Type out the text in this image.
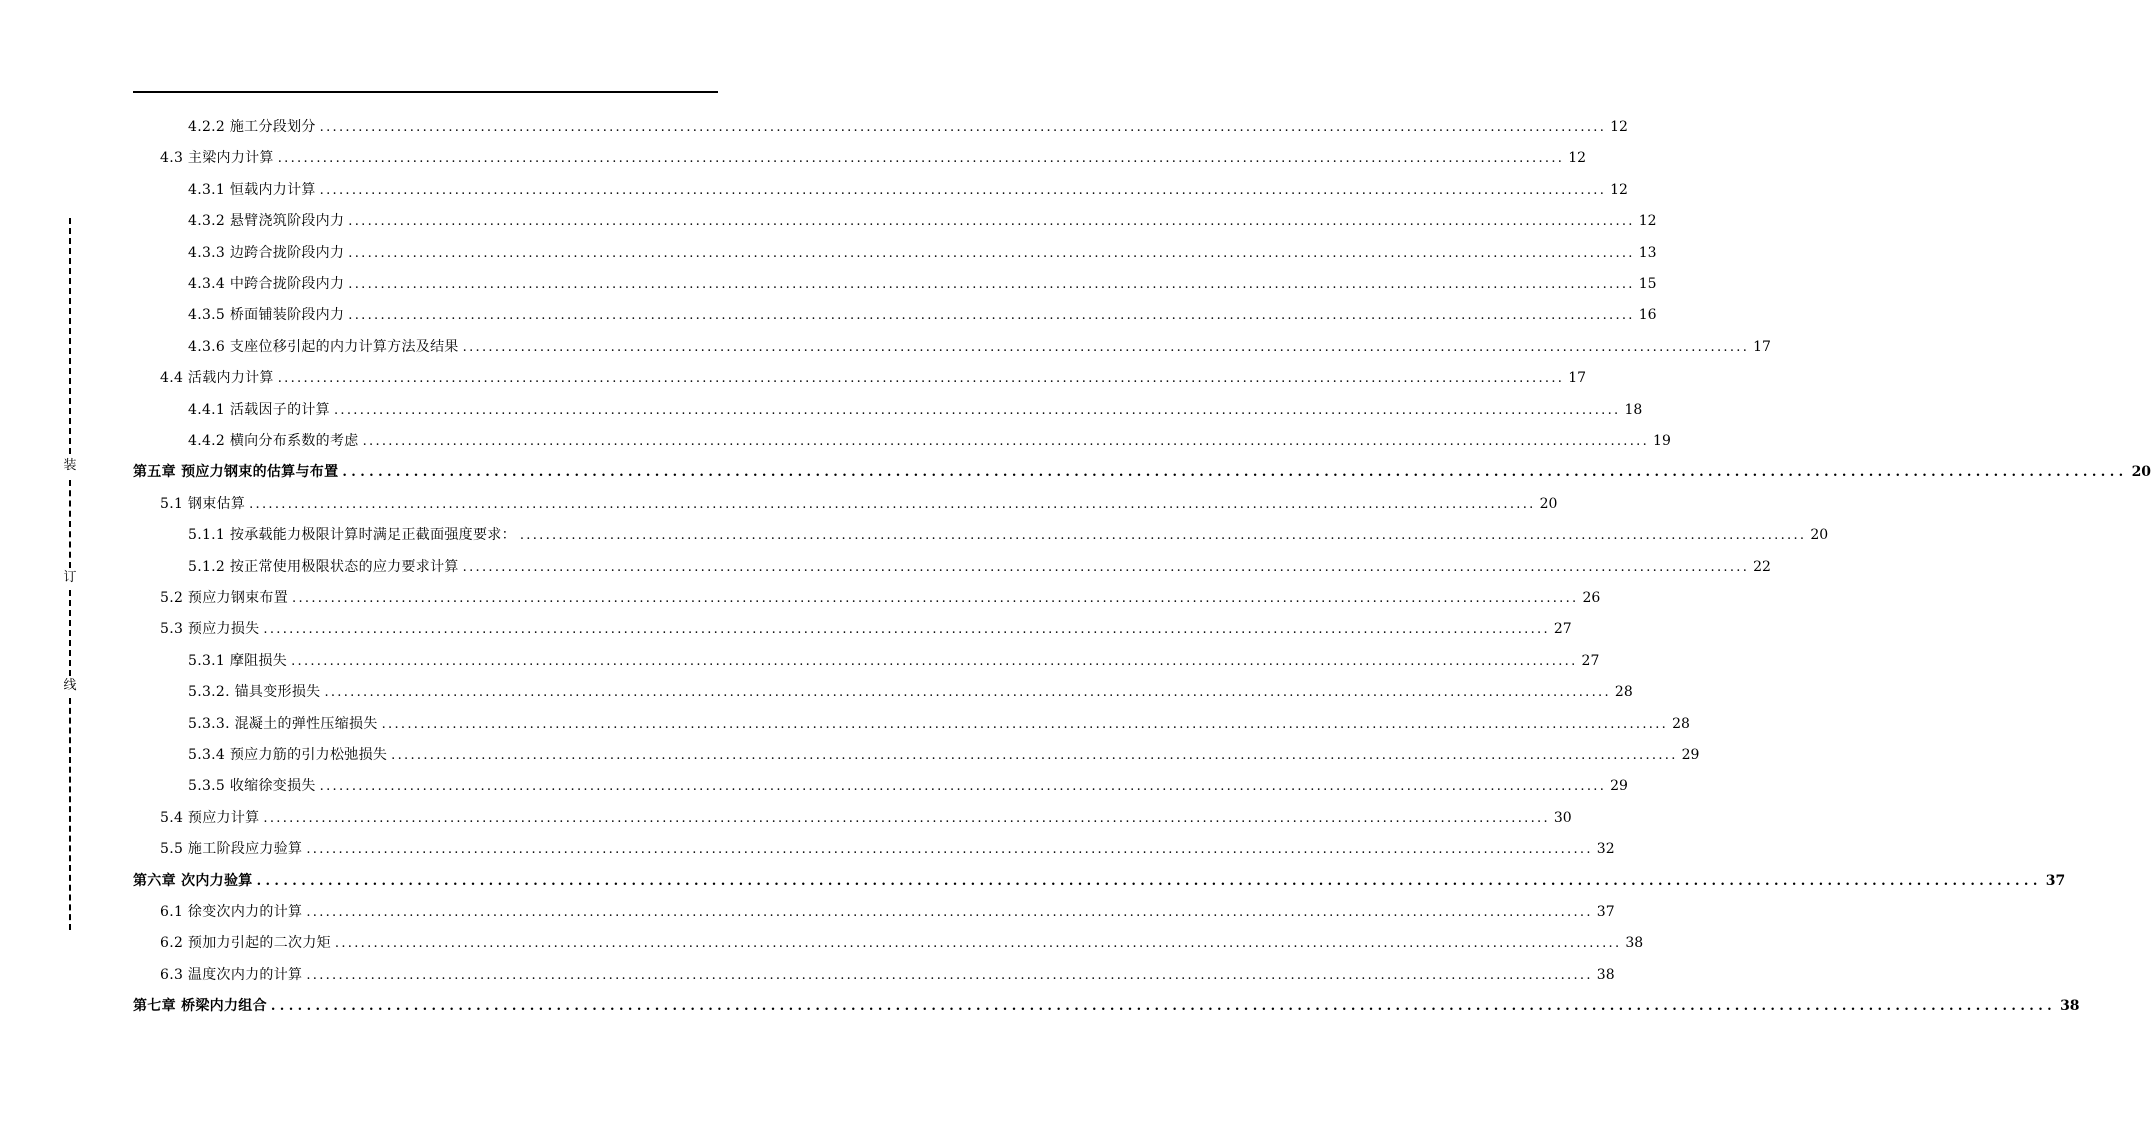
装
订
线
4.2.2 施工分段划分 ........................................................................................................................................................................................................ 12
4.3 主梁内力计算 ........................................................................................................................................................................................................ 12
4.3.1 恒载内力计算 ........................................................................................................................................................................................................ 12
4.3.2 悬臂浇筑阶段内力 ........................................................................................................................................................................................................ 12
4.3.3 边跨合拢阶段内力 ........................................................................................................................................................................................................ 13
4.3.4 中跨合拢阶段内力 ........................................................................................................................................................................................................ 15
4.3.5 桥面铺装阶段内力 ........................................................................................................................................................................................................ 16
4.3.6 支座位移引起的内力计算方法及结果 ........................................................................................................................................................................................................ 17
4.4 活载内力计算 ........................................................................................................................................................................................................ 17
4.4.1 活载因子的计算 ........................................................................................................................................................................................................ 18
4.4.2 横向分布系数的考虑 ........................................................................................................................................................................................................ 19
第五章 预应力钢束的估算与布置 ........................................................................................................................................................................................................ 20
5.1 钢束估算 ........................................................................................................................................................................................................ 20
5.1.1 按承载能力极限计算时满足正截面强度要求： ........................................................................................................................................................................................................ 20
5.1.2 按正常使用极限状态的应力要求计算 ........................................................................................................................................................................................................ 22
5.2 预应力钢束布置 ........................................................................................................................................................................................................ 26
5.3 预应力损失 ........................................................................................................................................................................................................ 27
5.3.1 摩阻损失 ........................................................................................................................................................................................................ 27
5.3.2. 锚具变形损失 ........................................................................................................................................................................................................ 28
5.3.3. 混凝土的弹性压缩损失 ........................................................................................................................................................................................................ 28
5.3.4 预应力筋的引力松弛损失 ........................................................................................................................................................................................................ 29
5.3.5 收缩徐变损失 ........................................................................................................................................................................................................ 29
5.4 预应力计算 ........................................................................................................................................................................................................ 30
5.5 施工阶段应力验算 ........................................................................................................................................................................................................ 32
第六章 次内力验算 ........................................................................................................................................................................................................ 37
6.1 徐变次内力的计算 ........................................................................................................................................................................................................ 37
6.2 预加力引起的二次力矩 ........................................................................................................................................................................................................ 38
6.3 温度次内力的计算 ........................................................................................................................................................................................................ 38
第七章 桥梁内力组合 ........................................................................................................................................................................................................ 38
